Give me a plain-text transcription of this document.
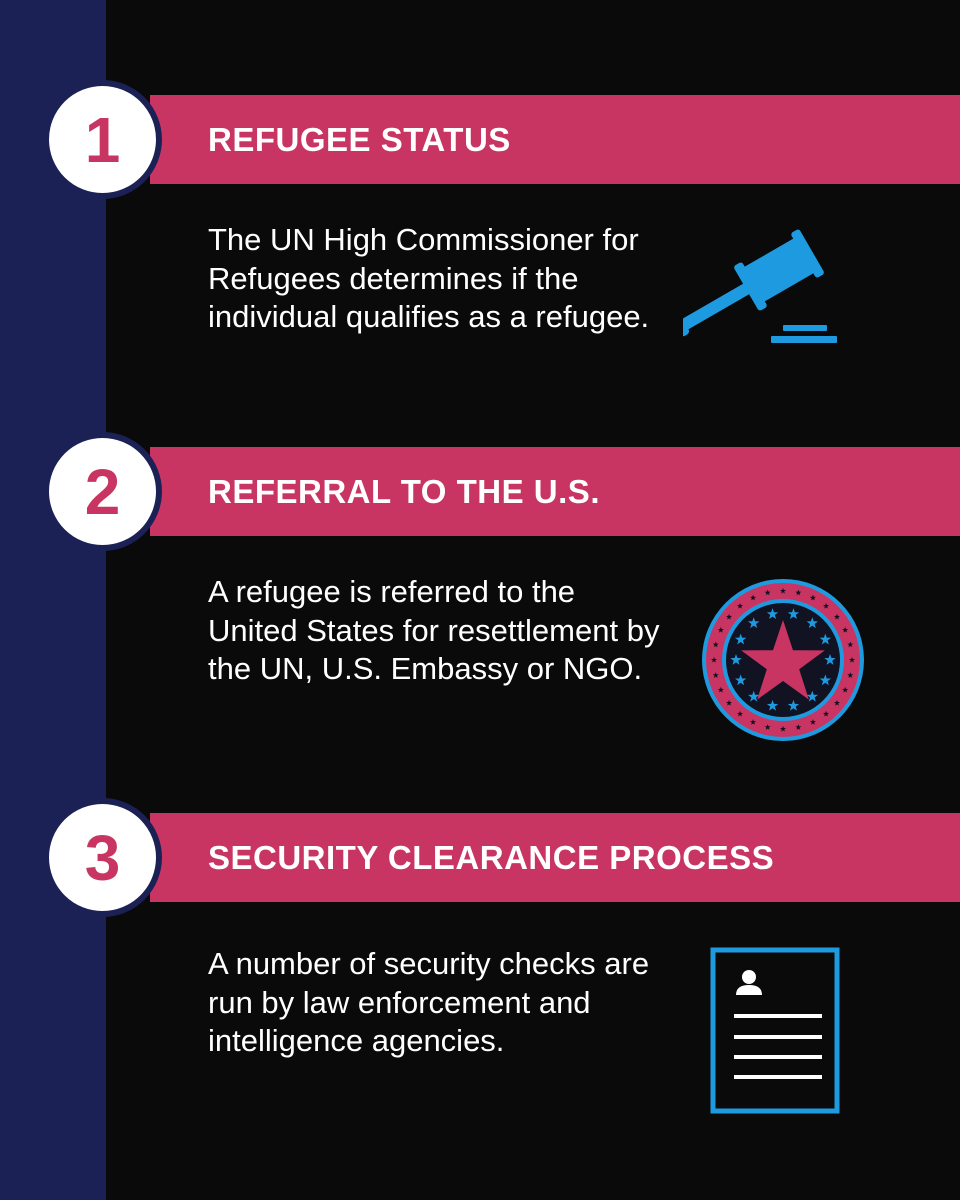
REFUGEE STATUS
1
The UN High Commissioner for Refugees determines if the individual qualifies as a refugee.
REFERRAL TO THE U.S.
2
A refugee is referred to the United States for resettlement by the UN, U.S. Embassy or NGO.
SECURITY CLEARANCE PROCESS
3
A number of security checks are run by law enforcement and intelligence agencies.
